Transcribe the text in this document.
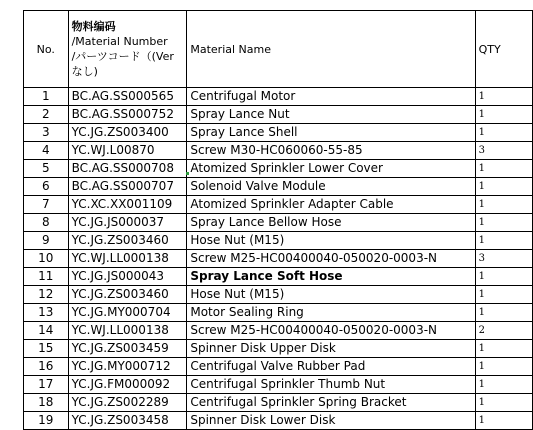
No.	物料编码
/Material Number
/パーツコード（(Verなし)	Material Name	QTY	
1	BC.AG.SS000565	Centrifugal Motor	1	
2	BC.AG.SS000752	Spray Lance Nut	1	
3	YC.JG.ZS003400	Spray Lance Shell	1	
4	YC.WJ.L00870	Screw M30-HC060060-55-85	3	
5	BC.AG.SS000708	Atomized Sprinkler Lower Cover	1	
6	BC.AG.SS000707	Solenoid Valve Module	1	
7	YC.XC.XX001109	Atomized Sprinkler Adapter Cable	1	
8	YC.JG.JS000037	Spray Lance Bellow Hose	1	
9	YC.JG.ZS003460	Hose Nut (M15)	1	
10	YC.WJ.LL000138	Screw M25-HC00400040-050020-0003-N	3	
11	YC.JG.JS000043	Spray Lance Soft Hose	1	
12	YC.JG.ZS003460	Hose Nut (M15)	1	
13	YC.JG.MY000704	Motor Sealing Ring	1	
14	YC.WJ.LL000138	Screw M25-HC00400040-050020-0003-N	2	
15	YC.JG.ZS003459	Spinner Disk Upper Disk	1	
16	YC.JG.MY000712	Centrifugal Valve Rubber Pad	1	
17	YC.JG.FM000092	Centrifugal Sprinkler Thumb Nut	1	
18	YC.JG.ZS002289	Centrifugal Sprinkler Spring Bracket	1	
19	YC.JG.ZS003458	Spinner Disk Lower Disk	1	
